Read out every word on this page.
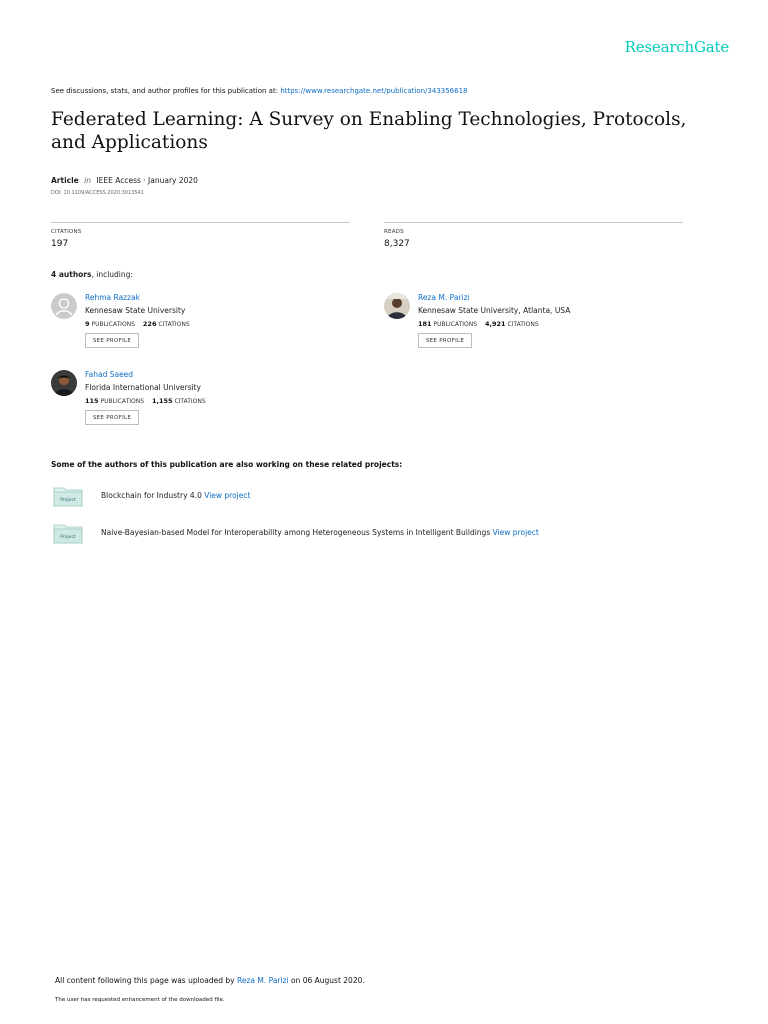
ResearchGate
See discussions, stats, and author profiles for this publication at: https://www.researchgate.net/publication/343356618
Federated Learning: A Survey on Enabling Technologies, Protocols, and Applications
Article in IEEE Access · January 2020
DOI: 10.1109/ACCESS.2020.3013541
CITATIONS
197
READS
8,327
4 authors, including:
Rehma Razzak
Kennesaw State University
9 PUBLICATIONS 226 CITATIONS
SEE PROFILE
Reza M. Parizi
Kennesaw State University, Atlanta, USA
181 PUBLICATIONS 4,921 CITATIONS
SEE PROFILE
Fahad Saeed
Florida International University
115 PUBLICATIONS 1,155 CITATIONS
SEE PROFILE
Some of the authors of this publication are also working on these related projects:
Project
Blockchain for Industry 4.0 View project
Project
Naive-Bayesian-based Model for Interoperability among Heterogeneous Systems in Intelligent Buildings View project
All content following this page was uploaded by Reza M. Parizi on 06 August 2020.
The user has requested enhancement of the downloaded file.
